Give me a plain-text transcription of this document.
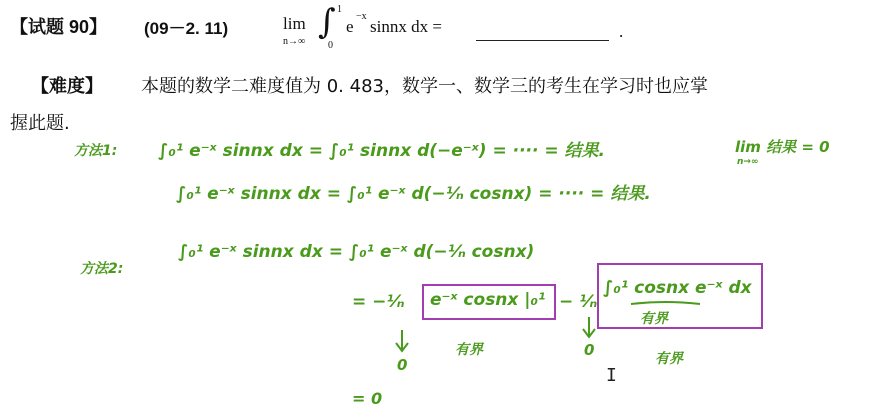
【试题 90】 (09－2. 11)	lim
n→∞ ∫ 1
0
e
−x
sinnx dx =	.
【难度】 本题的数学二难度值为 0. 483，数学一、数学三的考生在学习时也应掌
握此题.
方法1: ∫₀¹ e⁻ˣ sinnx dx = ∫₀¹ sinnx d(−e⁻ˣ) = ···· = 结果.	lim 结果 = 0
n→∞
∫₀¹ e⁻ˣ sinnx dx = ∫₀¹ e⁻ˣ d(−¹⁄ₙ cosnx) = ···· = 结果.
方法2:
∫₀¹ e⁻ˣ sinnx dx = ∫₀¹ e⁻ˣ d(−¹⁄ₙ cosnx)
= −¹⁄ₙ e⁻ˣ cosnx |₀¹ − ¹⁄ₙ
∫₀¹ cosnx e⁻ˣ dx
有界
有界
有界
0
0
= 0
I
